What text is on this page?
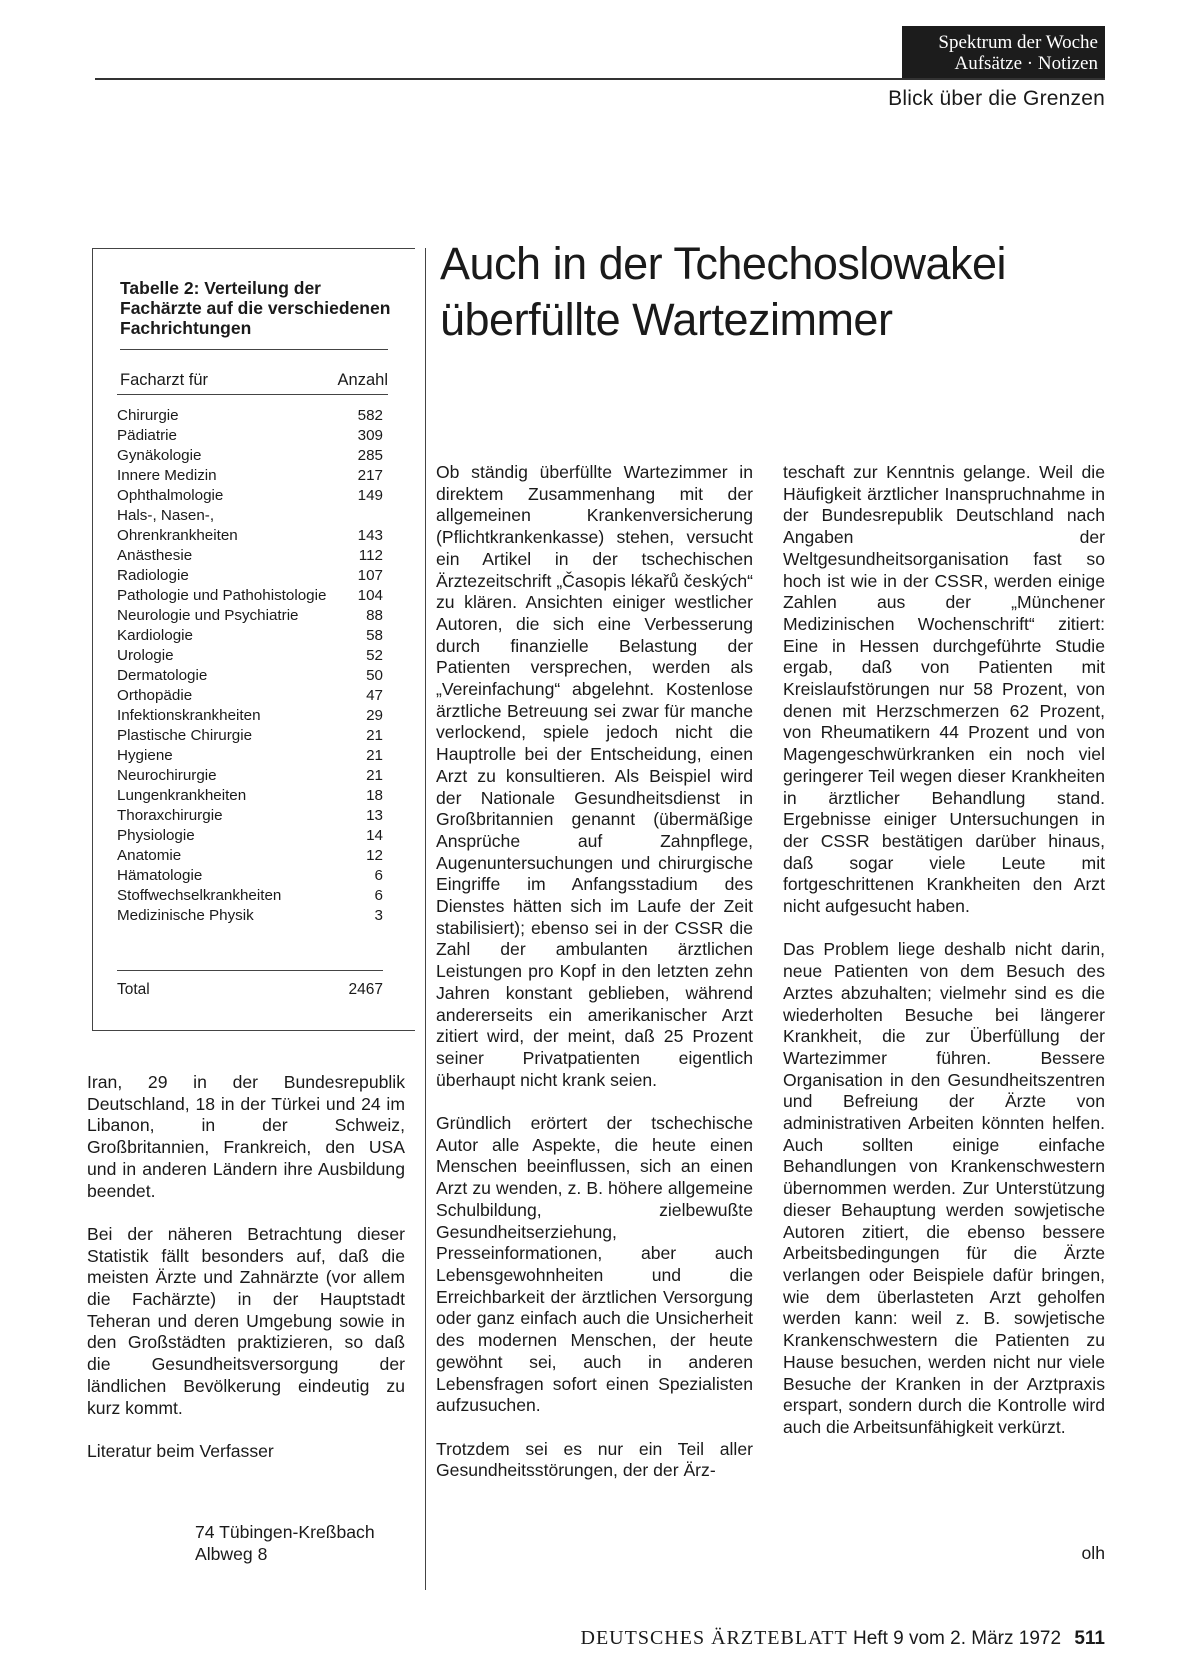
Spektrum der Woche
Aufsätze · Notizen
Blick über die Grenzen
Tabelle 2: Verteilung der Fachärzte auf die verschiedenen Fachrichtungen
Facharzt für	Anzahl
Chirurgie	582
Pädiatrie	309
Gynäkologie	285
Innere Medizin	217
Ophthalmologie	149
Hals-, Nasen-, Ohrenkrankheiten	143
Anästhesie	112
Radiologie	107
Pathologie und Pathohistologie 104
Neurologie und Psychiatrie	88
Kardiologie	58
Urologie	52
Dermatologie	50
Orthopädie	47
Infektionskrankheiten	29
Plastische Chirurgie	21
Hygiene	21
Neurochirurgie	21
Lungenkrankheiten	18
Thoraxchirurgie	13
Physiologie	14
Anatomie	12
Hämatologie	6
Stoffwechselkrankheiten	6
Medizinische Physik	3
Total	2467
Auch in der Tchechoslowakei
überfüllte Wartezimmer

Iran, 29 in der Bundesrepublik Deutschland, 18 in der Türkei und 24 im Libanon, in der Schweiz, Großbritannien, Frankreich, den USA und in anderen Ländern ihre Ausbildung beendet.

Bei der näheren Betrachtung dieser Statistik fällt besonders auf, daß die meisten Ärzte und Zahnärzte (vor allem die Fachärzte) in der Hauptstadt Teheran und deren Umgebung sowie in den Großstädten praktizieren, so daß die Gesundheitsversorgung der ländlichen Bevölkerung eindeutig zu kurz kommt.

Literatur beim Verfasser

74 Tübingen-Kreßbach
Albweg 8

Ob ständig überfüllte Wartezimmer in direktem Zusammenhang mit der allgemeinen Krankenversicherung (Pflichtkrankenkasse) stehen, versucht ein Artikel in der tschechischen Ärztezeitschrift „Časopis lékařů českých“ zu klären. Ansichten einiger westlicher Autoren, die sich eine Verbesserung durch finanzielle Belastung der Patienten versprechen, werden als „Vereinfachung“ abgelehnt. Kostenlose ärztliche Betreuung sei zwar für manche verlockend, spiele jedoch nicht die Hauptrolle bei der Entscheidung, einen Arzt zu konsultieren. Als Beispiel wird der Nationale Gesundheitsdienst in Großbritannien genannt (übermäßige Ansprüche auf Zahnpflege, Augenuntersuchungen und chirurgische Eingriffe im Anfangsstadium des Dienstes hätten sich im Laufe der Zeit stabilisiert); ebenso sei in der CSSR die Zahl der ambulanten ärztlichen Leistungen pro Kopf in den letzten zehn Jahren konstant geblieben, während andererseits ein amerikanischer Arzt zitiert wird, der meint, daß 25 Prozent seiner Privatpatienten eigentlich überhaupt nicht krank seien.

Gründlich erörtert der tschechische Autor alle Aspekte, die heute einen Menschen beeinflussen, sich an einen Arzt zu wenden, z. B. höhere allgemeine Schulbildung, zielbewußte Gesundheitserziehung, Presseinformationen, aber auch Lebensgewohnheiten und die Erreichbarkeit der ärztlichen Versorgung oder ganz einfach auch die Unsicherheit des modernen Menschen, der heute gewöhnt sei, auch in anderen Lebensfragen sofort einen Spezialisten aufzusuchen.

Trotzdem sei es nur ein Teil aller Gesundheitsstörungen, der der Ärz-

teschaft zur Kenntnis gelange. Weil die Häufigkeit ärztlicher Inanspruchnahme in der Bundesrepublik Deutschland nach Angaben der Weltgesundheitsorganisation fast so hoch ist wie in der CSSR, werden einige Zahlen aus der „Münchener Medizinischen Wochenschrift“ zitiert: Eine in Hessen durchgeführte Studie ergab, daß von Patienten mit Kreislaufstörungen nur 58 Prozent, von denen mit Herzschmerzen 62 Prozent, von Rheumatikern 44 Prozent und von Magengeschwürkranken ein noch viel geringerer Teil wegen dieser Krankheiten in ärztlicher Behandlung stand. Ergebnisse einiger Untersuchungen in der CSSR bestätigen darüber hinaus, daß sogar viele Leute mit fortgeschrittenen Krankheiten den Arzt nicht aufgesucht haben.

Das Problem liege deshalb nicht darin, neue Patienten von dem Besuch des Arztes abzuhalten; vielmehr sind es die wiederholten Besuche bei längerer Krankheit, die zur Überfüllung der Wartezimmer führen. Bessere Organisation in den Gesundheitszentren und Befreiung der Ärzte von administrativen Arbeiten könnten helfen. Auch sollten einige einfache Behandlungen von Krankenschwestern übernommen werden. Zur Unterstützung dieser Behauptung werden sowjetische Autoren zitiert, die ebenso bessere Arbeitsbedingungen für die Ärzte verlangen oder Beispiele dafür bringen, wie dem überlasteten Arzt geholfen werden kann: weil z. B. sowjetische Krankenschwestern die Patienten zu Hause besuchen, werden nicht nur viele Besuche der Kranken in der Arztpraxis erspart, sondern durch die Kontrolle wird auch die Arbeitsunfähigkeit verkürzt.

olh
DEUTSCHES ÄRZTEBLATT Heft 9 vom 2. März 1972 511
